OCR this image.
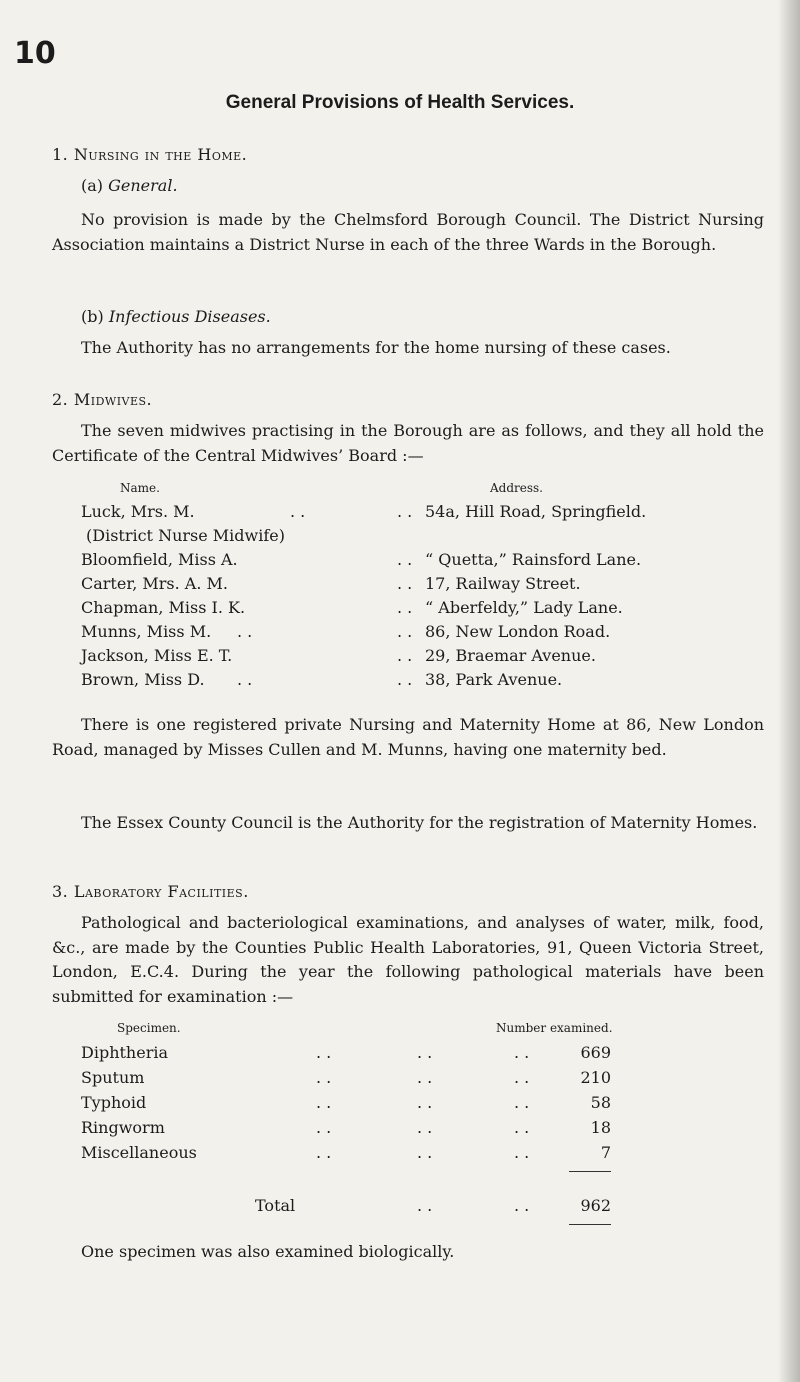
10
General Provisions of Health Services.
1. Nursing in the Home.
(a) General.
No provision is made by the Chelmsford Borough Council. The District Nursing Association maintains a District Nurse in each of the three Wards in the Borough.
(b) Infectious Diseases.
The Authority has no arrangements for the home nursing of these cases.
2. Midwives.
The seven midwives practising in the Borough are as follows, and they all hold the Certificate of the Central Midwives’ Board :—
Name.	Address.
Luck, Mrs. M.	. .	. . 54a, Hill Road, Springfield.
(District Nurse Midwife)
Bloomfield, Miss A.	. . “ Quetta,” Rainsford Lane.
Carter, Mrs. A. M.	. . 17, Railway Street.
Chapman, Miss I. K.	. . “ Aberfeldy,” Lady Lane.
Munns, Miss M. . .	. . 86, New London Road.
Jackson, Miss E. T.	. . 29, Braemar Avenue.
Brown, Miss D. . .	. . 38, Park Avenue.
There is one registered private Nursing and Maternity Home at 86, New London Road, managed by Misses Cullen and M. Munns, having one maternity bed.
The Essex County Council is the Authority for the registration of Maternity Homes.
3. Laboratory Facilities.
Pathological and bacteriological examinations, and analyses of water, milk, food, &c., are made by the Counties Public Health Laboratories, 91, Queen Victoria Street, London, E.C.4. During the year the following pathological materials have been submitted for examination :—
Specimen.	Number examined.
Diphtheria	. .	. .	. .	669
Sputum	. .	. .	. .	210
Typhoid	. .	. .	. .	58
Ringworm	. .	. .	. .	18
Miscellaneous	. .	. .	. .	7
Total	. .	. .	962
One specimen was also examined biologically.
